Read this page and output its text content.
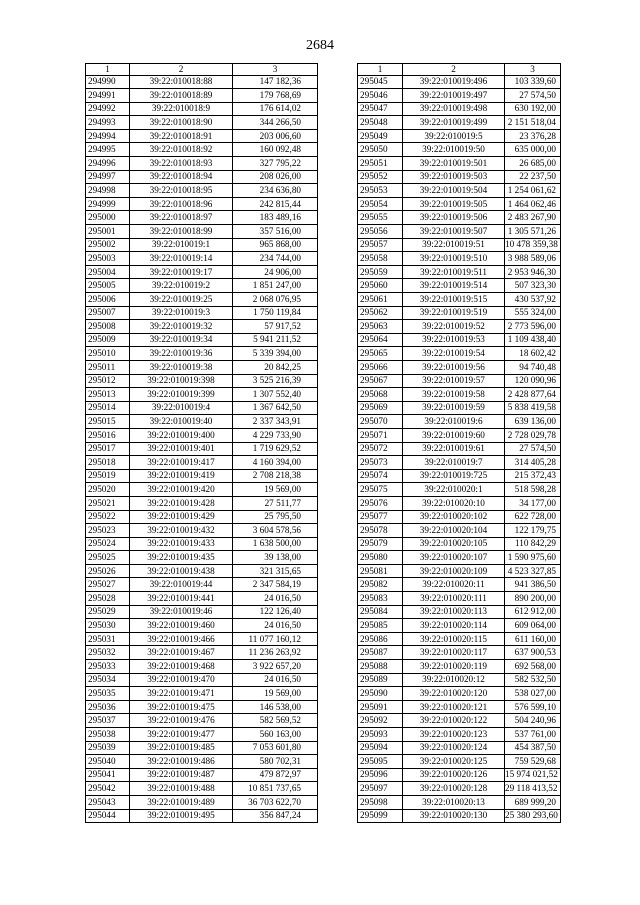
2684
1	2	3
294990	39:22:010018:88	147 182,36
294991	39:22:010018:89	179 768,69
294992	39:22:010018:9	176 614,02
294993	39:22:010018:90	344 266,50
294994	39:22:010018:91	203 006,60
294995	39:22:010018:92	160 092,48
294996	39:22:010018:93	327 795,22
294997	39:22:010018:94	208 026,00
294998	39:22:010018:95	234 636,80
294999	39:22:010018:96	242 815,44
295000	39:22:010018:97	183 489,16
295001	39:22:010018:99	357 516,00
295002	39:22:010019:1	965 868,00
295003	39:22:010019:14	234 744,00
295004	39:22:010019:17	24 906,00
295005	39:22:010019:2	1 851 247,00
295006	39:22:010019:25	2 068 076,95
295007	39:22:010019:3	1 750 119,84
295008	39:22:010019:32	57 917,52
295009	39:22:010019:34	5 941 211,52
295010	39:22:010019:36	5 339 394,00
295011	39:22:010019:38	20 842,25
295012	39:22:010019:398	3 525 216,39
295013	39:22:010019:399	1 307 552,40
295014	39:22:010019:4	1 367 642,50
295015	39:22:010019:40	2 337 343,91
295016	39:22:010019:400	4 229 733,90
295017	39:22:010019:401	1 719 629,52
295018	39:22:010019:417	4 160 394,00
295019	39:22:010019:419	2 708 218,38
295020	39:22:010019:420	19 569,00
295021	39:22:010019:428	27 511,77
295022	39:22:010019:429	25 795,50
295023	39:22:010019:432	3 604 578,56
295024	39:22:010019:433	1 638 500,00
295025	39:22:010019:435	39 138,00
295026	39:22:010019:438	321 315,65
295027	39:22:010019:44	2 347 584,19
295028	39:22:010019:441	24 016,50
295029	39:22:010019:46	122 126,40
295030	39:22:010019:460	24 016,50
295031	39:22:010019:466	11 077 160,12
295032	39:22:010019:467	11 236 263,92
295033	39:22:010019:468	3 922 657,20
295034	39:22:010019:470	24 016,50
295035	39:22:010019:471	19 569,00
295036	39:22:010019:475	146 538,00
295037	39:22:010019:476	582 569,52
295038	39:22:010019:477	560 163,00
295039	39:22:010019:485	7 053 601,80
295040	39:22:010019:486	580 702,31
295041	39:22:010019:487	479 872,97
295042	39:22:010019:488	10 851 737,65
295043	39:22:010019:489	36 703 622,70
295044	39:22:010019:495	356 847,24
1	2	3
295045	39:22:010019:496	103 339,60
295046	39:22:010019:497	27 574,50
295047	39:22:010019:498	630 192,00
295048	39:22:010019:499	2 151 518,04
295049	39:22:010019:5	23 376,28
295050	39:22:010019:50	635 000,00
295051	39:22:010019:501	26 685,00
295052	39:22:010019:503	22 237,50
295053	39:22:010019:504	1 254 061,62
295054	39:22:010019:505	1 464 062,46
295055	39:22:010019:506	2 483 267,90
295056	39:22:010019:507	1 305 571,26
295057	39:22:010019:51	10 478 359,38
295058	39:22:010019:510	3 988 589,06
295059	39:22:010019:511	2 953 946,30
295060	39:22:010019:514	507 323,30
295061	39:22:010019:515	430 537,92
295062	39:22:010019:519	555 324,00
295063	39:22:010019:52	2 773 596,00
295064	39:22:010019:53	1 109 438,40
295065	39:22:010019:54	18 602,42
295066	39:22:010019:56	94 740,48
295067	39:22:010019:57	120 090,96
295068	39:22:010019:58	2 428 877,64
295069	39:22:010019:59	5 838 419,58
295070	39:22:010019:6	639 136,00
295071	39:22:010019:60	2 728 029,78
295072	39:22:010019:61	27 574,50
295073	39:22:010019:7	314 405,28
295074	39:22:010019:725	215 372,43
295075	39:22:010020:1	518 598,28
295076	39:22:010020:10	34 177,00
295077	39:22:010020:102	622 728,00
295078	39:22:010020:104	122 179,75
295079	39:22:010020:105	110 842,29
295080	39:22:010020:107	1 590 975,60
295081	39:22:010020:109	4 523 327,85
295082	39:22:010020:11	941 386,50
295083	39:22:010020:111	890 200,00
295084	39:22:010020:113	612 912,00
295085	39:22:010020:114	609 064,00
295086	39:22:010020:115	611 160,00
295087	39:22:010020:117	637 900,53
295088	39:22:010020:119	692 568,00
295089	39:22:010020:12	582 532,50
295090	39:22:010020:120	538 027,00
295091	39:22:010020:121	576 599,10
295092	39:22:010020:122	504 240,96
295093	39:22:010020:123	537 761,00
295094	39:22:010020:124	454 387,50
295095	39:22:010020:125	759 529,68
295096	39:22:010020:126	15 974 021,52
295097	39:22:010020:128	29 118 413,52
295098	39:22:010020:13	689 999,20
295099	39:22:010020:130	25 380 293,60
